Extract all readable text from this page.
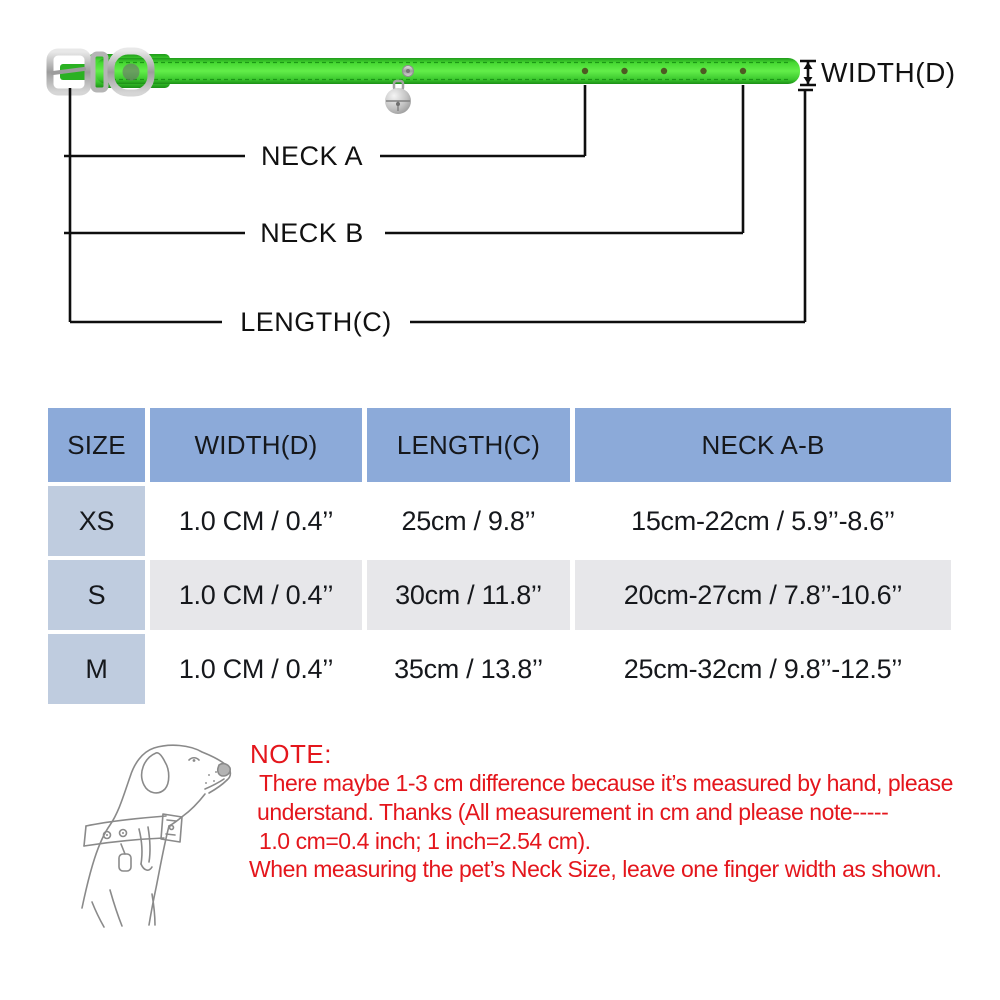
NECK A
NECK B
LENGTH(C)
WIDTH(D)
SIZE	WIDTH(D)	LENGTH(C)	NECK A-B
XS	1.0 CM / 0.4’’	25cm / 9.8’’	15cm-22cm / 5.9’’-8.6’’
S	1.0 CM / 0.4’’	30cm / 11.8’’	20cm-27cm / 7.8’’-10.6’’
M	1.0 CM / 0.4’’	35cm / 13.8’’	25cm-32cm / 9.8’’-12.5’’
NOTE:
There maybe 1-3 cm difference because it’s measured by hand, please
understand. Thanks (All measurement in cm and please note-----
1.0 cm=0.4 inch; 1 inch=2.54 cm).
When measuring the pet’s Neck Size, leave one finger width as shown.
